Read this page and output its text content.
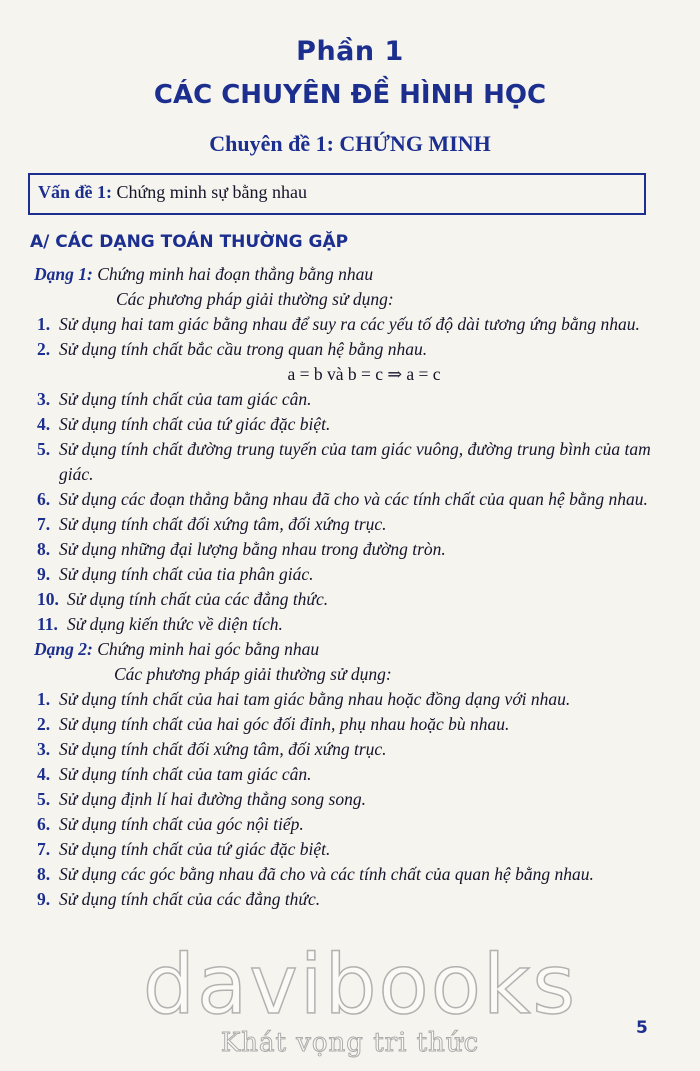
Phần 1
CÁC CHUYÊN ĐỀ HÌNH HỌC
Chuyên đề 1: CHỨNG MINH
Vấn đề 1: Chứng minh sự bằng nhau
A/ CÁC DẠNG TOÁN THƯỜNG GẶP

Dạng 1: Chứng minh hai đoạn thẳng bằng nhau

Các phương pháp giải thường sử dụng:

1. Sử dụng hai tam giác bằng nhau để suy ra các yếu tố độ dài tương ứng bằng nhau.
2. Sử dụng tính chất bắc cầu trong quan hệ bằng nhau.

a = b và b = c ⇒ a = c

3. Sử dụng tính chất của tam giác cân.
4. Sử dụng tính chất của tứ giác đặc biệt.
5. Sử dụng tính chất đường trung tuyến của tam giác vuông, đường trung bình của tam giác.
6. Sử dụng các đoạn thẳng bằng nhau đã cho và các tính chất của quan hệ bằng nhau.
7. Sử dụng tính chất đối xứng tâm, đối xứng trục.
8. Sử dụng những đại lượng bằng nhau trong đường tròn.
9. Sử dụng tính chất của tia phân giác.
10. Sử dụng tính chất của các đẳng thức.
11. Sử dụng kiến thức về diện tích.

Dạng 2: Chứng minh hai góc bằng nhau

Các phương pháp giải thường sử dụng:

1. Sử dụng tính chất của hai tam giác bằng nhau hoặc đồng dạng với nhau.
2. Sử dụng tính chất của hai góc đối đỉnh, phụ nhau hoặc bù nhau.
3. Sử dụng tính chất đối xứng tâm, đối xứng trục.
4. Sử dụng tính chất của tam giác cân.
5. Sử dụng định lí hai đường thẳng song song.
6. Sử dụng tính chất của góc nội tiếp.
7. Sử dụng tính chất của tứ giác đặc biệt.
8. Sử dụng các góc bằng nhau đã cho và các tính chất của quan hệ bằng nhau.
9. Sử dụng tính chất của các đẳng thức.
davibooks
Khát vọng tri thức	5
